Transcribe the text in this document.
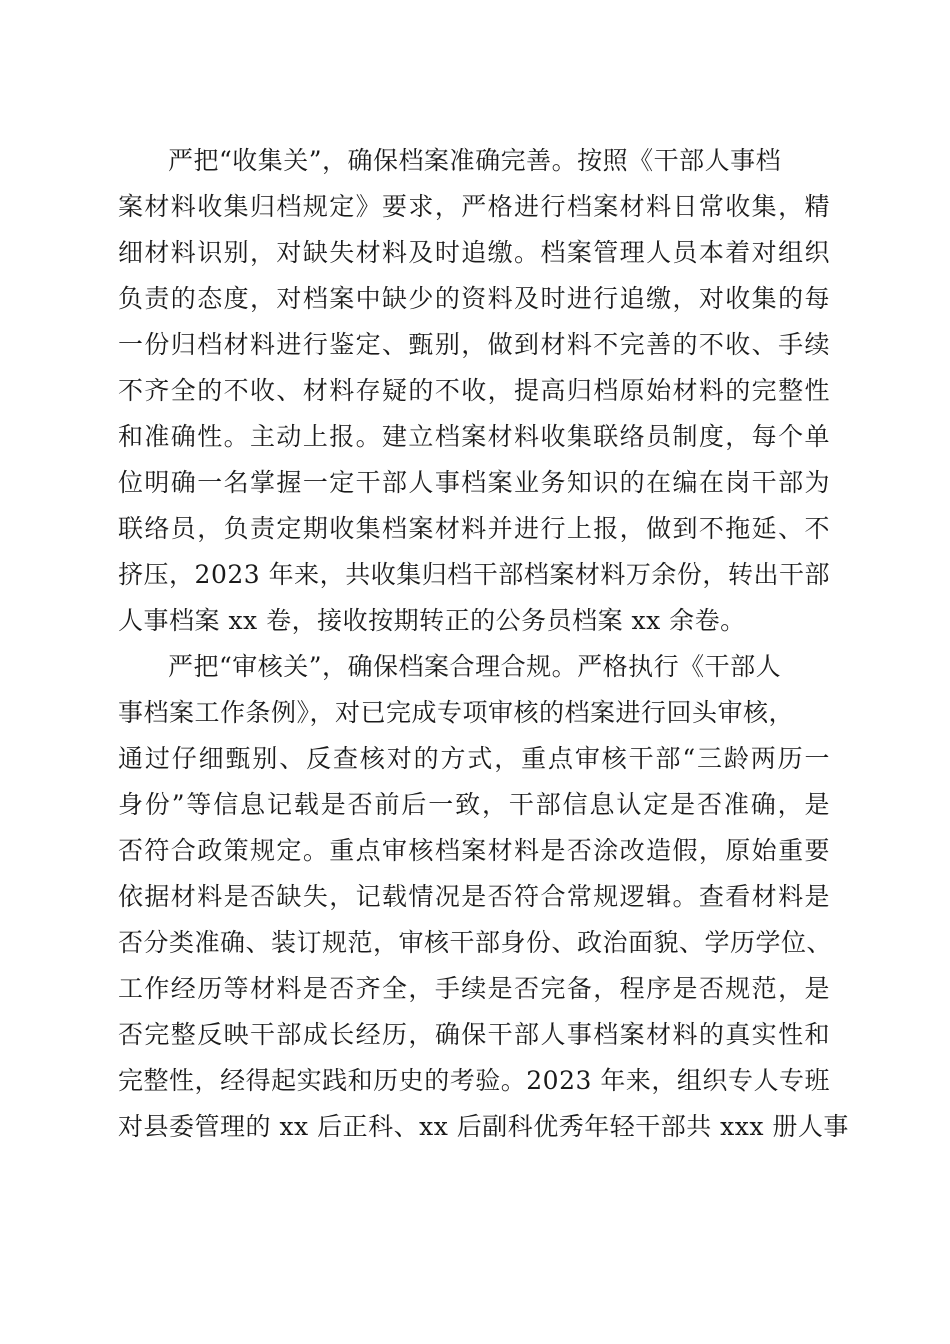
严把“收集关”，确保档案准确完善。按照《干部人事档
案材料收集归档规定》要求，严格进行档案材料日常收集，精
细材料识别，对缺失材料及时追缴。档案管理人员本着对组织
负责的态度，对档案中缺少的资料及时进行追缴，对收集的每
一份归档材料进行鉴定、甄别，做到材料不完善的不收、手续
不齐全的不收、材料存疑的不收，提高归档原始材料的完整性
和准确性。主动上报。建立档案材料收集联络员制度，每个单
位明确一名掌握一定干部人事档案业务知识的在编在岗干部为
联络员，负责定期收集档案材料并进行上报，做到不拖延、不
挤压，2023 年来，共收集归档干部档案材料万余份，转出干部
人事档案 xx 卷，接收按期转正的公务员档案 xx 余卷。
严把“审核关”，确保档案合理合规。严格执行《干部人
事档案工作条例》，对已完成专项审核的档案进行回头审核，
通过仔细甄别、反查核对的方式，重点审核干部“三龄两历一
身份”等信息记载是否前后一致，干部信息认定是否准确，是
否符合政策规定。重点审核档案材料是否涂改造假，原始重要
依据材料是否缺失，记载情况是否符合常规逻辑。查看材料是
否分类准确、装订规范，审核干部身份、政治面貌、学历学位、
工作经历等材料是否齐全，手续是否完备，程序是否规范，是
否完整反映干部成长经历，确保干部人事档案材料的真实性和
完整性，经得起实践和历史的考验。2023 年来，组织专人专班
对县委管理的 xx 后正科、xx 后副科优秀年轻干部共 xxx 册人事
